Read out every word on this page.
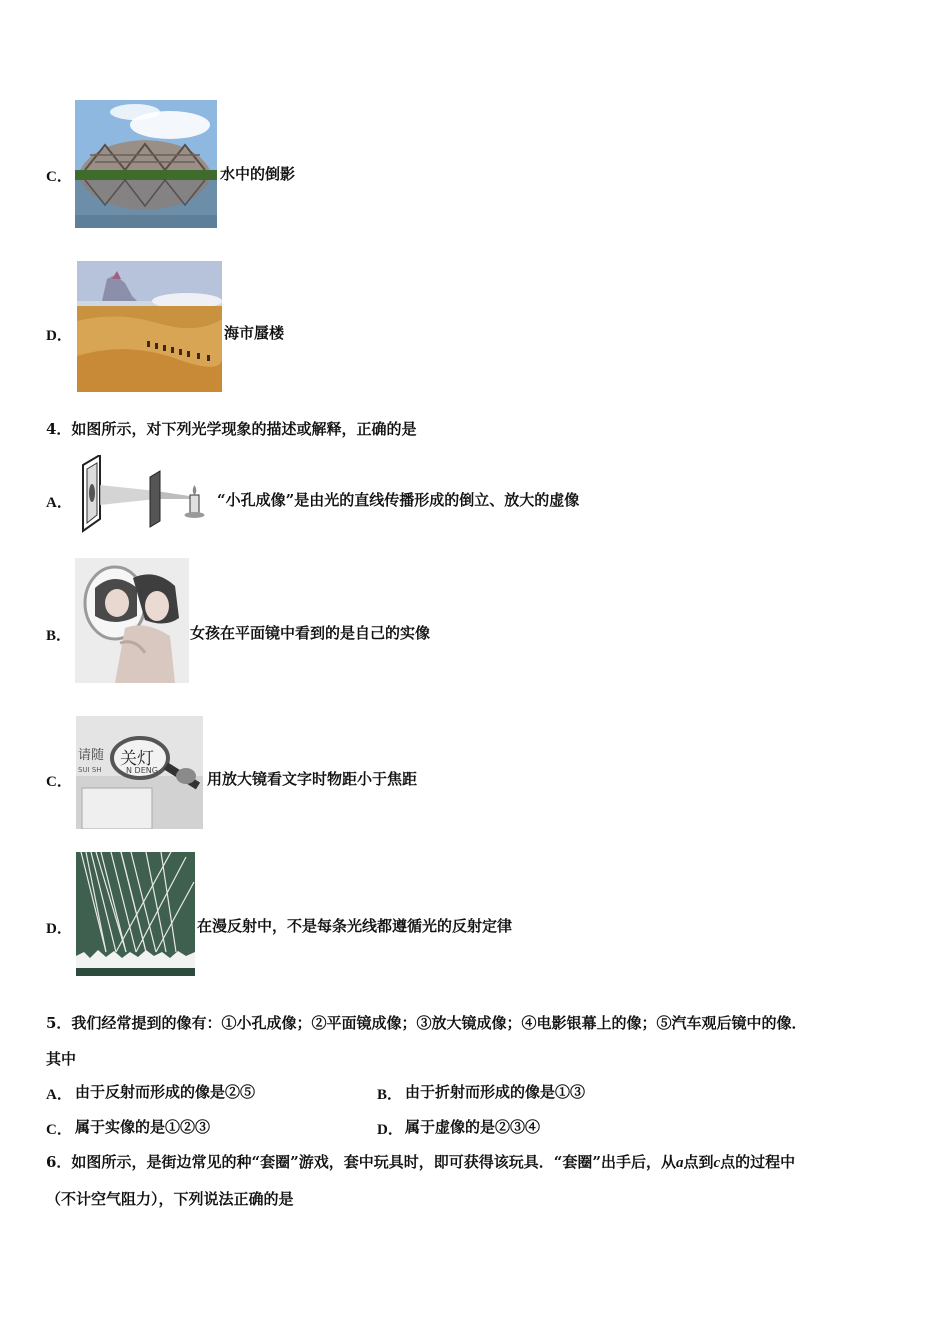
C．	水中的倒影
D．	海市蜃楼
4．如图所示，对下列光学现象的描述或解释，正确的是
A．	“小孔成像”是由光的直线传播形成的倒立、放大的虚像
B．	女孩在平面镜中看到的是自己的实像
C．
请随 关灯
SUI SH	N DENG	用放大镜看文字时物距小于焦距
D．	在漫反射中，不是每条光线都遵循光的反射定律
5．我们经常提到的像有：①小孔成像；②平面镜成像；③放大镜成像；④电影银幕上的像；⑤汽车观后镜中的像．
其中
A． 由于反射而形成的像是②⑤	B． 由于折射而形成的像是①③
C． 属于实像的是①②③	D． 属于虚像的是②③④
6．如图所示，是街边常见的种“套圈”游戏，套中玩具时，即可获得该玩具．“套圈”出手后，从a点到c点的过程中
（不计空气阻力），下列说法正确的是
